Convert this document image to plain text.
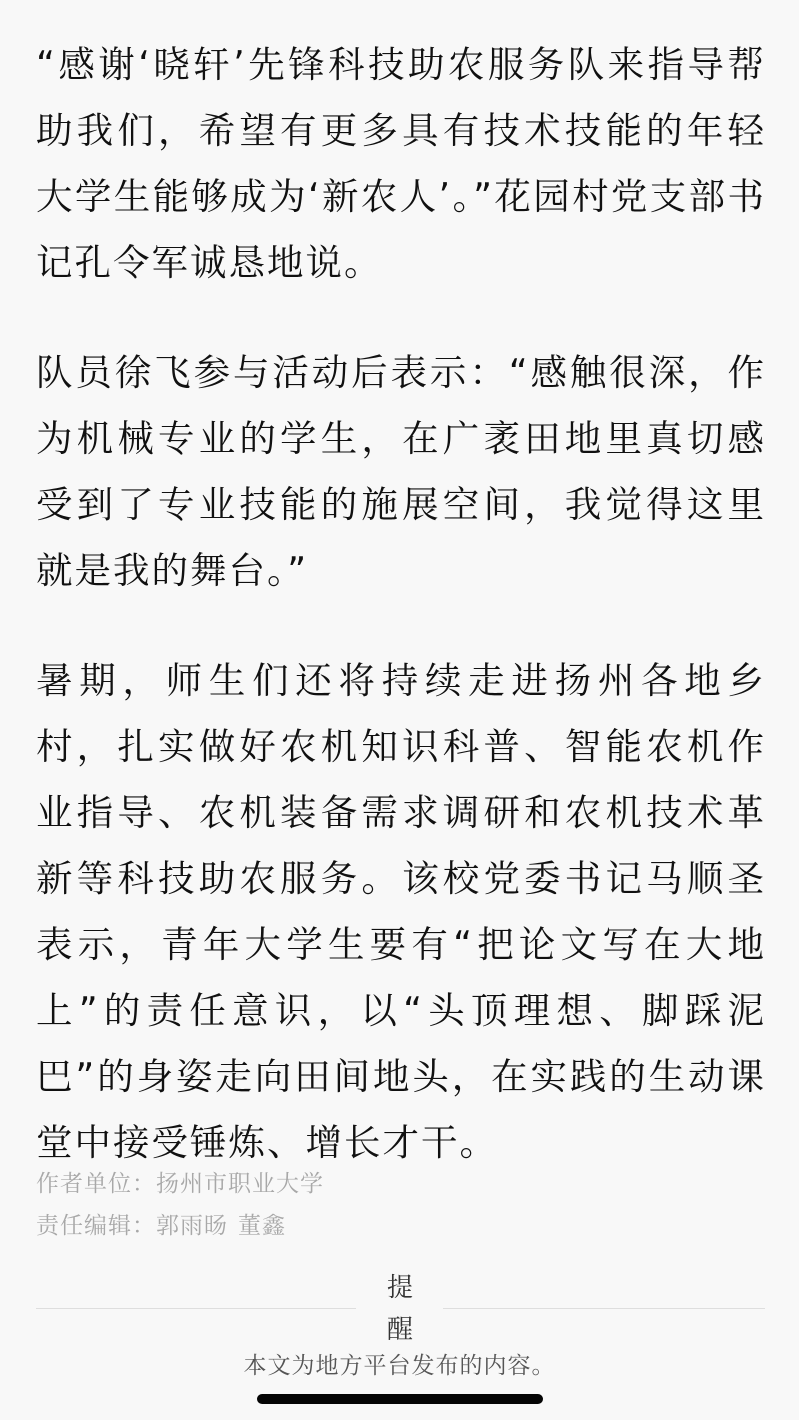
“感谢‘晓轩’先锋科技助农服务队来指导帮助我们，希望有更多具有技术技能的年轻大学生能够成为‘新农人’。”花园村党支部书记孔令军诚恳地说。

队员徐飞参与活动后表示：“感触很深，作为机械专业的学生，在广袤田地里真切感受到了专业技能的施展空间，我觉得这里就是我的舞台。”

暑期，师生们还将持续走进扬州各地乡村，扎实做好农机知识科普、智能农机作业指导、农机装备需求调研和农机技术革新等科技助农服务。该校党委书记马顺圣表示，青年大学生要有“把论文写在大地上”的责任意识，以“头顶理想、脚踩泥巴”的身姿走向田间地头，在实践的生动课堂中接受锤炼、增长才干。

作者单位：扬州市职业大学
责任编辑：郭雨旸 董鑫
提醒
本文为地方平台发布的内容。
